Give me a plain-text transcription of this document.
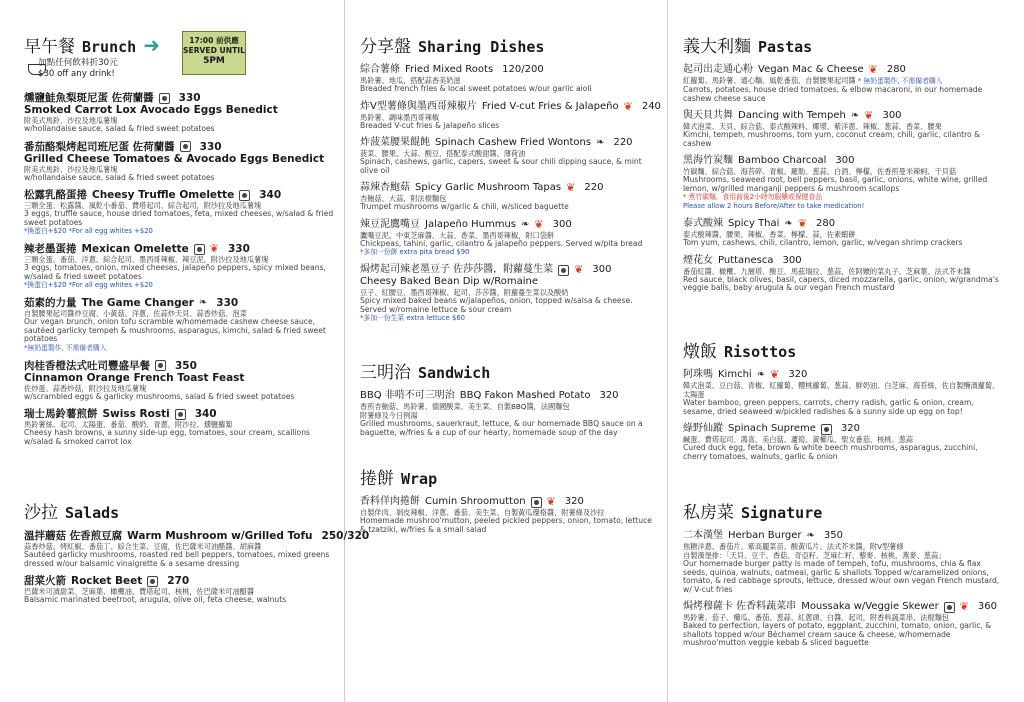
早午餐 Brunch ➜	17:00 前供應
SERVED UNTIL
5PM
加點任何飲料折30元
$30 off any drink!
燻鹽鮭魚梨斑尼蛋 佐荷蘭醬 330
Smoked Carrot Lox Avocado Eggs Benedict
附美式馬鈴、沙拉及地瓜薯塊
w/hollandaise sauce, salad & fried sweet potatoes
番茄酪梨烤起司班尼蛋 佐荷蘭醬 330
Grilled Cheese Tomatoes & Avocado Eggs Benedict
附美式馬鈴、沙拉及地瓜薯塊
w/hollandaise sauce, salad & fried sweet potatoes
松露乳酪蛋捲 Cheesy Truffle Omelette 340
三顆全蛋、松露醬、風乾小番茄、費塔起司、綜合起司，附沙拉及地瓜薯塊
3 eggs, truffle sauce, house dried tomatoes, feta, mixed cheeses, w/salad & fried sweet potatoes
*換蛋白+$20 *For all egg whites +$20
辣老墨蛋捲 Mexican Omelette ❦ 330
三顆全蛋、番茄、洋蔥、綜合起司、墨西哥辣椒、辣豆泥，附沙拉及地瓜薯塊
3 eggs, tomatoes, onion, mixed cheeses, jalapeño peppers, spicy mixed beans, w/salad & fried sweet potatoes
*換蛋白+$20 *For all egg whites +$20
茹素的力量 The Game Changer ❧ 330
自製腰果起司醬炒豆腐、小黃菇、洋蔥，佐蒜炒天貝、蒜香炒菇、泡菜
Our vegan brunch, onion tofu scramble w/homemade cashew cheese sauce, sautéed garlicky tempeh & mushrooms, asparagus, kimchi, salad & fried sweet potatoes
*無奶蛋製作, 不需備者購入
肉桂香橙法式吐司豐盛早餐 350
Cinnamon Orange French Toast Feast
佐炒蛋、蒜香炒菇，附沙拉及地瓜薯塊
w/scrambled eggs & garlicky mushrooms, salad & fried sweet potatoes
瑞士馬鈴薯煎餅 Swiss Rosti 340
馬鈴薯絲、起司、太陽蛋、番茄、酸奶、青蔥，附沙拉、燻鹽蘿蔔
Cheesy hash browns, a sunny side-up egg, tomatoes, sour cream, scallions w/salad & smoked carrot lox
沙拉 Salads
溫拌蘑菇 佐香煎豆腐 Warm Mushroom w/Grilled Tofu 250/320
蒜香炒菇、烤紅椒、番茄丁、綜合生菜、豆腐，佐巴薩米可油醋醬、胡麻醬
Sautéed garlicky mushrooms, roasted red bell peppers, tomatoes, mixed greens dressed w/our balsamic vinaigrette & a sesame dressing
甜菜火箭 Rocket Beet 270
巴薩米可漬甜菜、芝麻葉、橄欖油、費塔起司、核桃，佐巴薩米可油醋醬
Balsamic marinated beetroot, arugula, olive oil, feta cheese, walnuts
分享盤 Sharing Dishes
綜合薯條 Fried Mixed Roots 120/200
馬鈴薯、地瓜，搭配蒜香美奶滋
Breaded french fries & local sweet potatoes w/our garlic aioli
炸V型薯條與墨西哥辣椒片 Fried V-cut Fries & Jalapeño ❦ 240
馬鈴薯、調味墨西哥辣椒
Breaded V-cut fries & jalapeño slices
炸菠菜腰果餛飩 Spinach Cashew Fried Wontons ❧ 220
菠菜、腰果、大蒜、酸豆，搭配泰式酸甜醬、薄荷油
Spinach, cashews, garlic, capers, sweet & sour chili dipping sauce, & mint olive oil
蒜辣杏鮑菇 Spicy Garlic Mushroom Tapas ❦ 220
杏鮑菇、大蒜，附法棍麵包
Trumpet mushrooms w/garlic & chili, w/sliced baguette
辣豆泥鷹嘴豆 Jalapeño Hummus ❧ ❦ 300
鷹嘴豆泥、中東芝麻醬、大蒜、香菜、墨西哥辣椒，附口袋餅
Chickpeas, tahini, garlic, cilantro & jalapeño peppers. Served w/pita bread
*多加一份餅 extra pita bread $90
焗烤起司辣老墨豆子 佐莎莎醬，附蘿蔓生菜 ❦ 300
Cheesy Baked Bean Dip w/Romaine
豆子、紅腰豆、墨西哥辣椒、起司、莎莎醬，附蘿蔓生菜以及酸奶
Spicy mixed baked beans w/jalapeños, onion, topped w/salsa & cheese. Served w/romaine lettuce & sour cream
*多加一份生菜 extra lettuce $60
三明治 Sandwich
BBQ 非啃不可三明治 BBQ Fakon Mashed Potato 320
香煎杏鮑菇、馬鈴薯、德國酸菜、美生菜、自製BBQ醬，法國麵包
附薯條及今日例湯
Grilled mushrooms, sauerkraut, lettuce, & our homemade BBQ sauce on a baguette, w/fries & a cup of our hearty, homemade soup of the day
捲餅 Wrap
香料佯肉捲餅 Cumin Shroomutton ❦ 320
自製佯肉、剝皮辣椒、洋蔥、番茄、美生菜、自製黃瓜優格醬，附薯條及沙拉
Homemade mushroo'mutton, peeled pickled peppers, onion, tomato, lettuce & tzatziki, w/fries & a small salad
義大利麵 Pastas
起司出走通心粉 Vegan Mac & Cheese ❦ 280
紅蘿蔔、馬鈴薯、通心麵、風乾番茄、自製腰果起司醬 * 無奶蛋製作, 不需備者購入
Carrots, potatoes, house dried tomatoes, & elbow macaroni, in our homemade cashew cheese sauce
與天貝共舞 Dancing with Tempeh ❧ ❦ 300
韓式泡菜、天貝、綜合菇、泰式酸辣料、椰漿、紫洋蔥、辣椒、葱蒜、香菜、腰果
Kimchi, tempeh, mushrooms, tom yum, coconut cream, chili, garlic, cilantro & cashew
黑海竹炭麵 Bamboo Charcoal 300
竹碳麵、綜合菇、海苔碎、青椒、羅勒、葱蒜、白酒、檸檬，佐香煎曼米辣蚵、干貝菇
Mushrooms, seaweed root, bell peppers, basil, garlic, onions, white wine, grilled lemon, w/grilled manganji peppers & mushroom scallops
* 煮竹碳麵，食用前後2小時勿服藥或保健食品
Please allow 2 hours Before/After to take medication!
泰式酸辣 Spicy Thai ❧ ❦ 280
泰式酸辣醬、腰果、辣椒、香菜、檸檬、蒜，佐素蝦餅
Tom yum, cashews, chili, cilantro, lemon, garlic, w/vegan shrimp crackers
煙花女 Puttanesca 300
番茄紅醬、橄欖、九層塔、酸豆、馬茲瑞拉、葱蒜，佐阿嬤的菜丸子、芝麻葉、法式芥末醬
Red sauce, black olives, basil, capers, diced mozzarella, garlic, onion, w/grandma's veggie balls, baby arugula & our vegan French mustard
燉飯 Risottos
阿珠嗎 Kimchi ❧ ❦ 320
韓式泡菜、豆白菇、青椒、紅蘿蔔、櫻桃蘿蔔、葱蒜、鮮奶油、白芝麻、海苔絲，佐自製醃漬蘿蔔、太陽蛋
Water bamboo, green peppers, carrots, cherry radish, garlic & onion, cream, sesame, dried seaweed w/pickled radishes & a sunny side up egg on top!
綠野仙蹤 Spinach Supreme	320
鹹蛋、費塔起司、鴻喜、美白菇、蘆筍、黃櫛瓜、聖女番茄、核桃、葱蒜
Cured duck egg, feta, brown & white beech mushrooms, asparagus, zucchini, cherry tomatoes, walnuts, garlic & onion
私房菜 Signature
二本漢堡 Herban Burger ❧ 350
焦糖洋蔥、番茄片、紫高麗菜苗、酸黃瓜片、法式芥末醬，附V型薯條
自製漢堡排：「天貝、豆干、香菇、奇亞籽、芝麻仁籽、藜麥、核桃、燕麥、葱蒜」
Our homemade burger patty is made of tempeh, tofu, mushrooms, chia & flax seeds, quinoa, walnuts, oatmeal, garlic & shallots Topped w/caramelized onions, tomato, & red cabbage sprouts, lettuce, dressed w/our own vegan French mustard, w/ V-cut fries
焗烤穆薩卡 佐香料蔬菜串 Moussaka w/Veggie Skewer ❦ 360
馬鈴薯、茄子、櫛瓜、番茄、葱蒜、紅蔥頭、白醬、起司，附香料蔬菜串、法棍麵包
Baked to perfection, layers of potato, eggplant, zucchini, tomato, onion, garlic, & shallots topped w/our Béchamel cream sauce & cheese, w/homemade mushroo'mutton veggie kebab & sliced baguette
